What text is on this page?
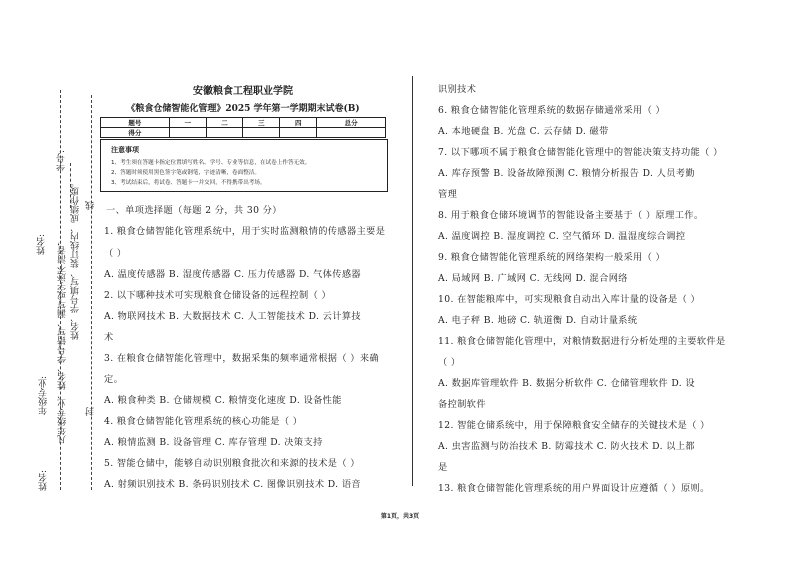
学号:
姓名:
年级专业:
姓名:
姓名、学号填写、装订线内、成绩作废。
凡年级专业、姓名、学号错写、漏写或字迹不清者，
线
封
安徽粮食工程职业学院
《粮食仓储智能化管理》2025 学年第一学期期末试卷(B)
题号	一	二	三	四	总分
得分					
注意事项
1、考生须在答题卡指定位置填写姓名、学号、专业等信息，在试卷上作答无效。
2、答题时须使用黑色签字笔或钢笔，字迹清晰，卷面整洁。
3、考试结束后，将试卷、答题卡一并交回，不得携带出考场。
一、单项选择题（每题 2 分，共 30 分）
1. 粮食仓储智能化管理系统中，用于实时监测粮情的传感器主要是
（ ）
A. 温度传感器 B. 湿度传感器 C. 压力传感器 D. 气体传感器
2. 以下哪种技术可实现粮食仓储设备的远程控制（ ）
A. 物联网技术 B. 大数据技术 C. 人工智能技术 D. 云计算技
术
3. 在粮食仓储智能化管理中，数据采集的频率通常根据（ ）来确
定。
A. 粮食种类 B. 仓储规模 C. 粮情变化速度 D. 设备性能
4. 粮食仓储智能化管理系统的核心功能是（ ）
A. 粮情监测 B. 设备管理 C. 库存管理 D. 决策支持
5. 智能仓储中，能够自动识别粮食批次和来源的技术是（ ）
A. 射频识别技术 B. 条码识别技术 C. 图像识别技术 D. 语音
识别技术
6. 粮食仓储智能化管理系统的数据存储通常采用（ ）
A. 本地硬盘 B. 光盘 C. 云存储 D. 磁带
7. 以下哪项不属于粮食仓储智能化管理中的智能决策支持功能（ ）
A. 库存预警 B. 设备故障预测 C. 粮情分析报告 D. 人员考勤
管理
8. 用于粮食仓储环境调节的智能设备主要基于（ ）原理工作。
A. 温度调控 B. 湿度调控 C. 空气循环 D. 温湿度综合调控
9. 粮食仓储智能化管理系统的网络架构一般采用（ ）
A. 局域网 B. 广域网 C. 无线网 D. 混合网络
10. 在智能粮库中，可实现粮食自动出入库计量的设备是（ ）
A. 电子秤 B. 地磅 C. 轨道衡 D. 自动计量系统
11. 粮食仓储智能化管理中，对粮情数据进行分析处理的主要软件是
（ ）
A. 数据库管理软件 B. 数据分析软件 C. 仓储管理软件 D. 设
备控制软件
12. 智能仓储系统中，用于保障粮食安全储存的关键技术是（ ）
A. 虫害监测与防治技术 B. 防霉技术 C. 防火技术 D. 以上都
是
13. 粮食仓储智能化管理系统的用户界面设计应遵循（ ）原则。
第1页，共3页
